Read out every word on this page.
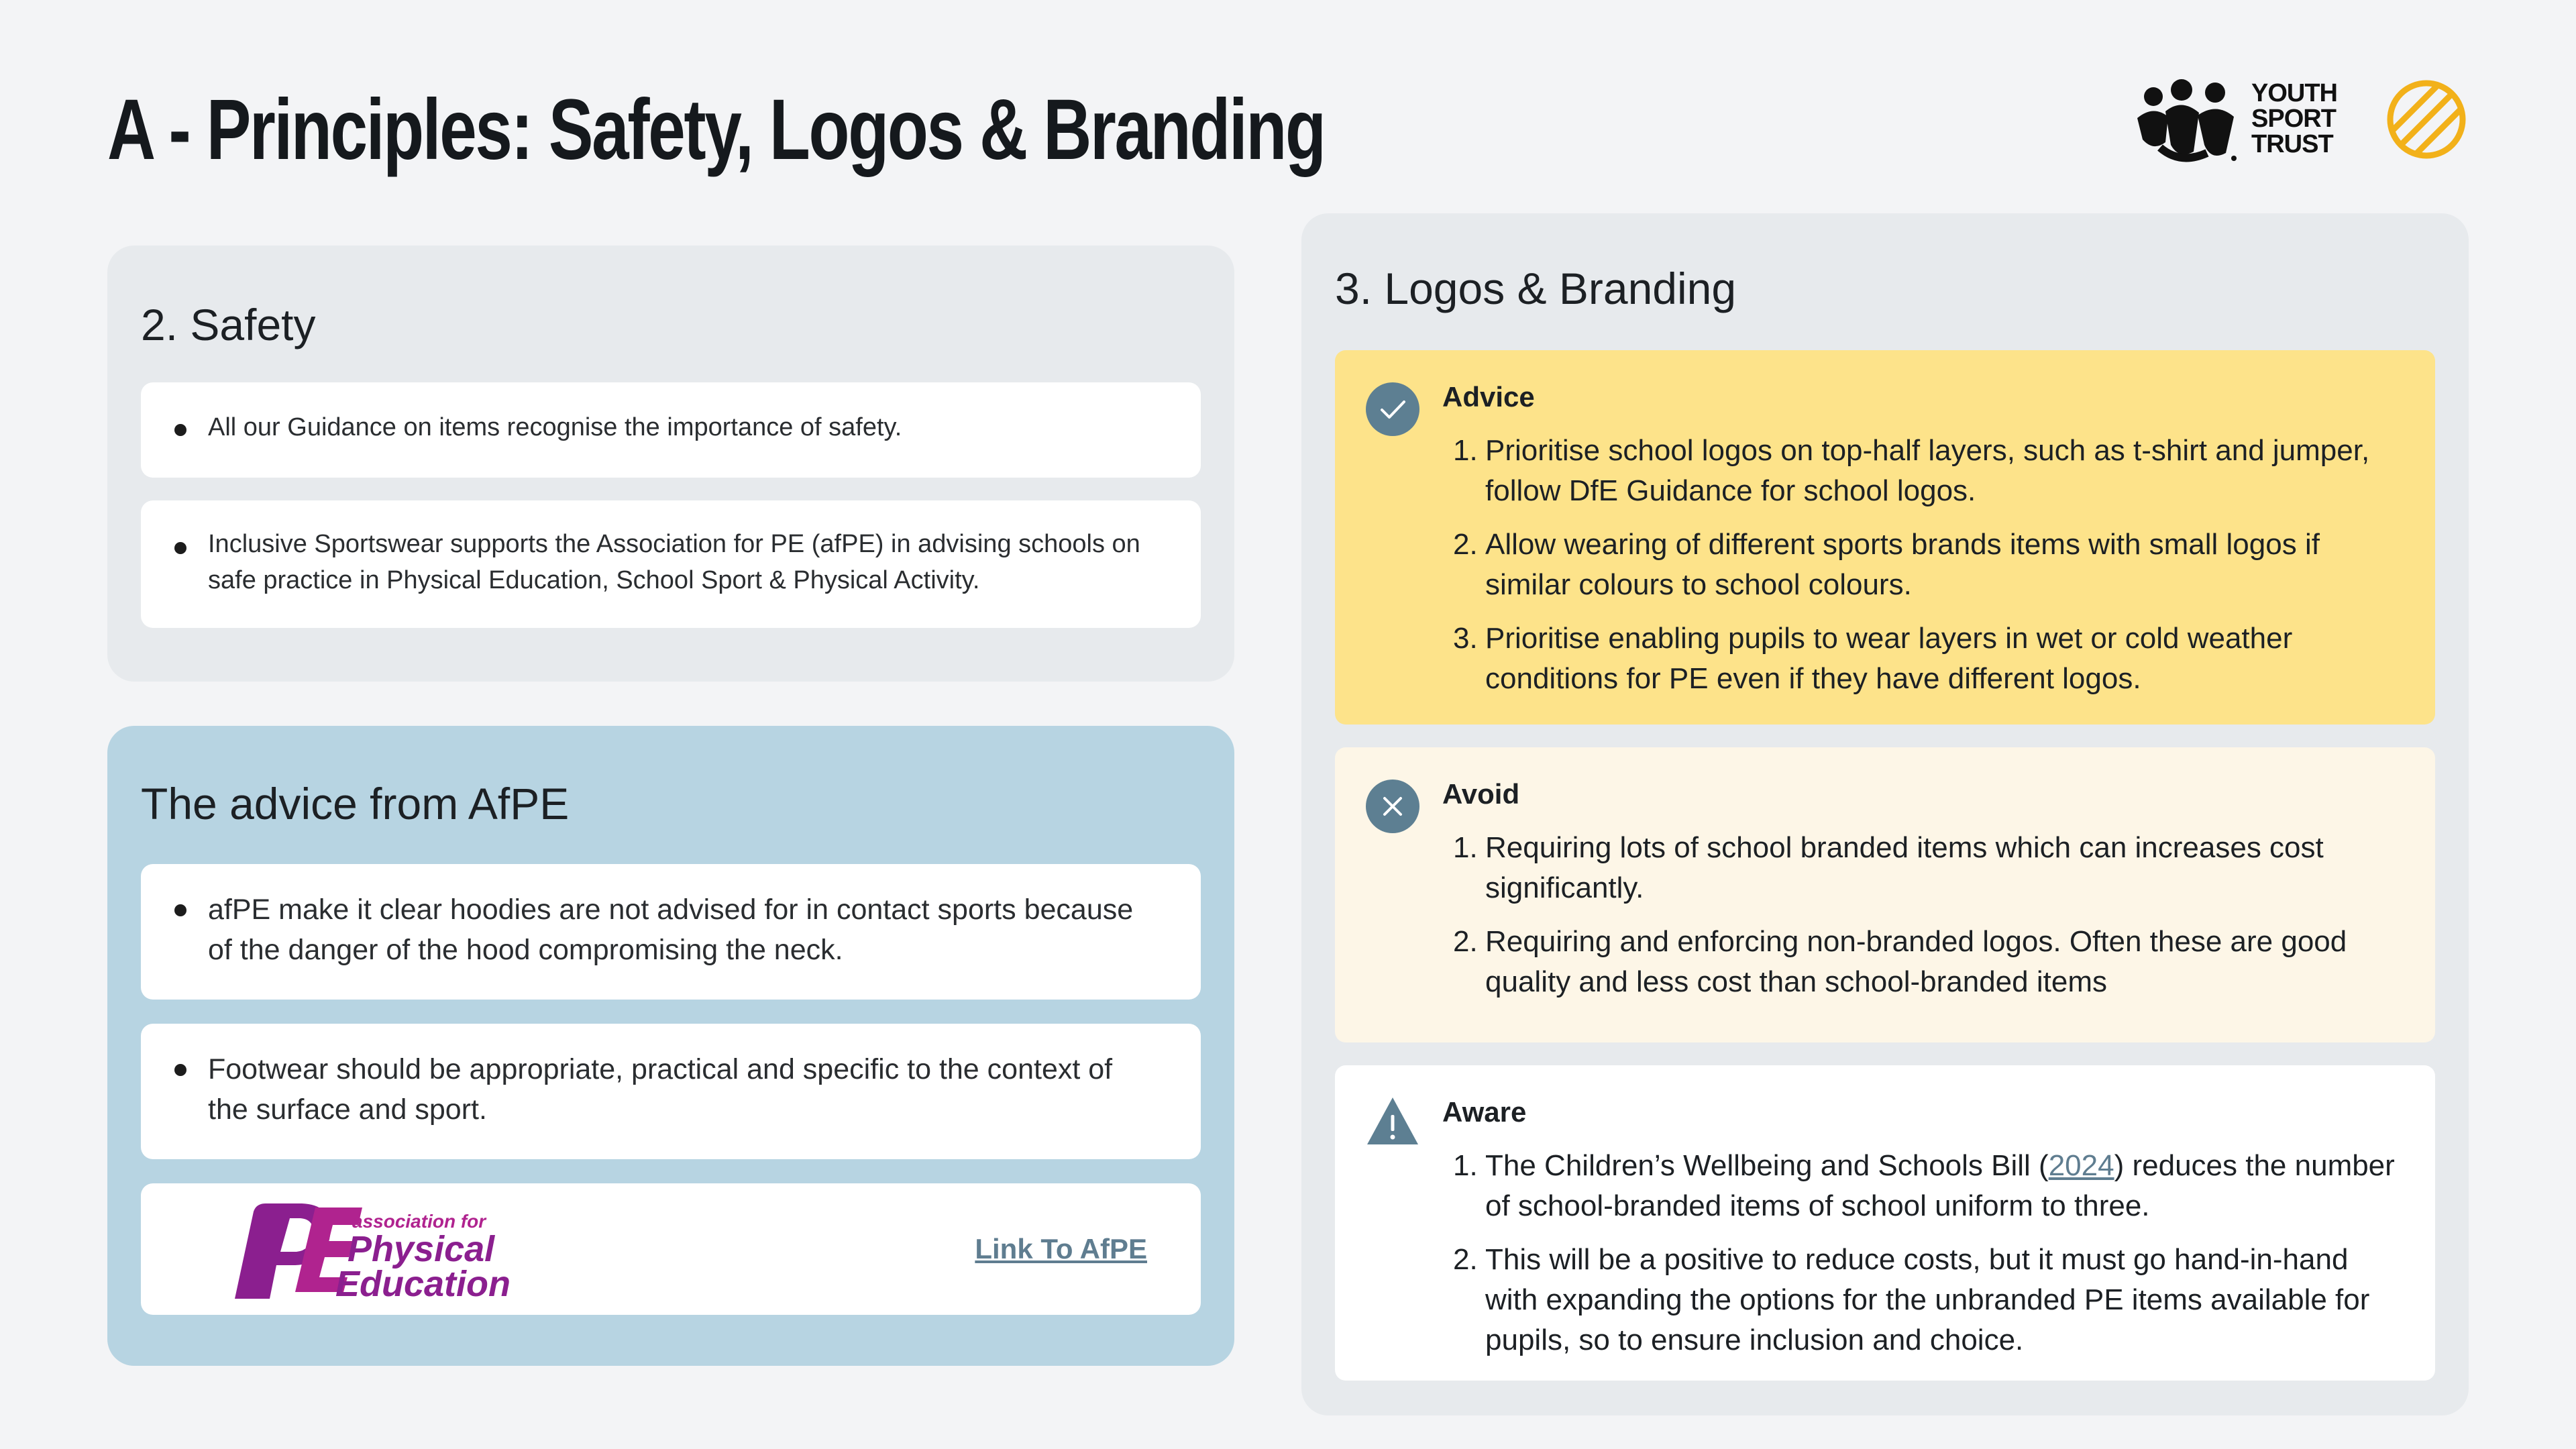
A - Principles: Safety, Logos & Branding	YOUTH
SPORT
TRUST
2. Safety
All our Guidance on items recognise the importance of safety.
Inclusive Sportswear supports the Association for PE (afPE) in advising schools on safe practice in Physical Education, School Sport & Physical Activity.
The advice from AfPE
afPE make it clear hoodies are not advised for in contact sports because of the danger of the hood compromising the neck.
Footwear should be appropriate, practical and specific to the context of the surface and sport.
association for
Physical
Education
Link To AfPE
3. Logos & Branding
Advice
1. Prioritise school logos on top-half layers, such as t-shirt and jumper, follow DfE Guidance for school logos.
2. Allow wearing of different sports brands items with small logos if similar colours to school colours.
3. Prioritise enabling pupils to wear layers in wet or cold weather conditions for PE even if they have different logos.
Avoid
1. Requiring lots of school branded items which can increases cost significantly.
2. Requiring and enforcing non-branded logos. Often these are good quality and less cost than school-branded items
Aware
1. The Children’s Wellbeing and Schools Bill (2024) reduces the number of school-branded items of school uniform to three.
2. This will be a positive to reduce costs, but it must go hand-in-hand with expanding the options for the unbranded PE items available for pupils, so to ensure inclusion and choice.
